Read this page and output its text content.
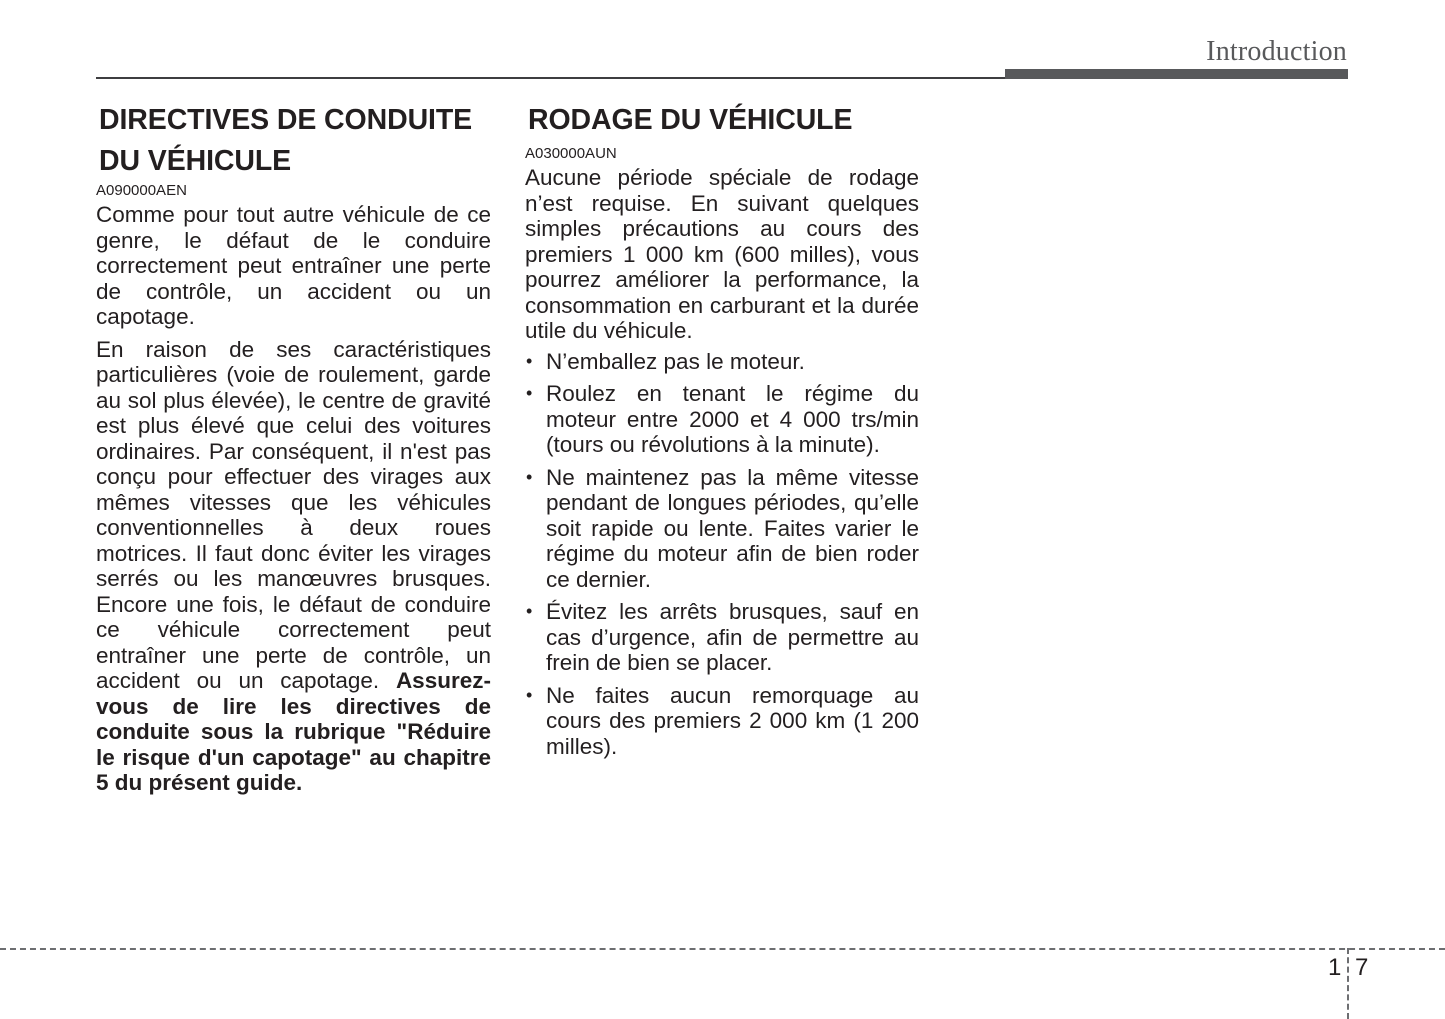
Introduction
DIRECTIVES DE CONDUITE
DU VÉHICULE
A090000AEN

Comme pour tout autre véhicule de ce genre, le défaut de le conduire correctement peut entraîner une perte de contrôle, un accident ou un capotage.

En raison de ses caractéristiques particulières (voie de roulement, garde au sol plus élevée), le centre de gravité est plus élevé que celui des voitures ordinaires. Par conséquent, il n'est pas conçu pour effectuer des virages aux mêmes vitesses que les véhicules conventionnelles à deux roues motrices. Il faut donc éviter les virages serrés ou les manœuvres brusques. Encore une fois, le défaut de conduire ce véhicule correctement peut entraîner une perte de contrôle, un accident ou un capotage. Assurez-vous de lire les directives de conduite sous la rubrique "Réduire le risque d'un capotage" au chapitre 5 du présent guide.

RODAGE DU VÉHICULE
A030000AUN

Aucune période spéciale de rodage n’est requise. En suivant quelques simples précautions au cours des premiers 1 000 km (600 milles), vous pourrez améliorer la performance, la consommation en carburant et la durée utile du véhicule.

• N’emballez pas le moteur.
• Roulez en tenant le régime du moteur entre 2000 et 4 000 trs/min (tours ou révolutions à la minute).
• Ne maintenez pas la même vitesse pendant de longues périodes, qu’elle soit rapide ou lente. Faites varier le régime du moteur afin de bien roder ce dernier.
• Évitez les arrêts brusques, sauf en cas d’urgence, afin de permettre au frein de bien se placer.
• Ne faites aucun remorquage au cours des premiers 2 000 km (1 200 milles).
1 7
